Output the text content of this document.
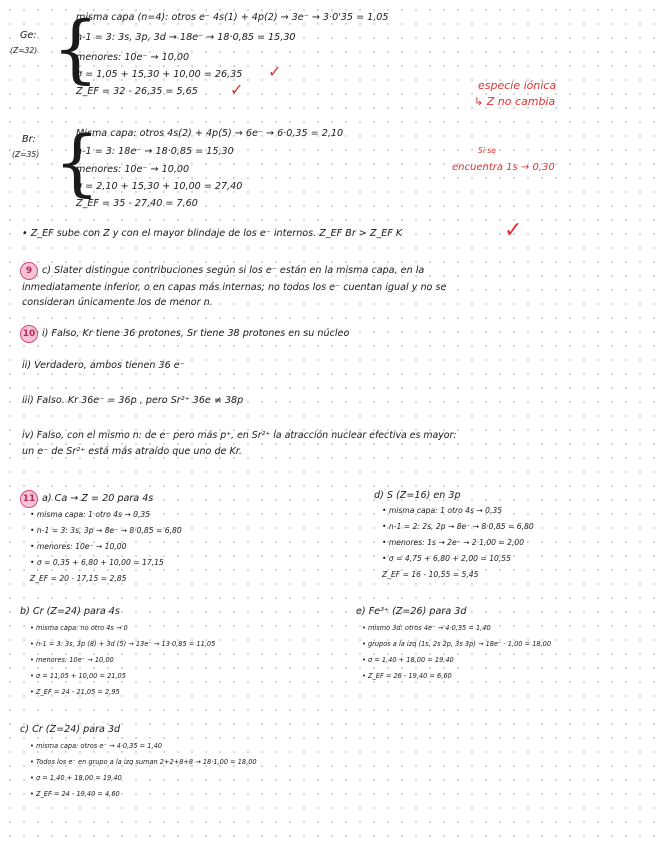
Ge:
(Z=32) {
misma capa (n=4): otros e⁻ 4s(1) + 4p(2) → 3e⁻ → 3·0'35 = 1,05
n-1 = 3: 3s, 3p, 3d → 18e⁻ → 18·0,85 = 15,30
menores: 10e⁻ → 10,00
σ = 1,05 + 15,30 + 10,00 = 26,35 ✓
Z_EF = 32 - 26,35 = 5,65 ✓	especie iónica
↳ Z no cambia
Br:
(Z=35) {
Misma capa: otros 4s(2) + 4p(5) → 6e⁻ → 6·0,35 = 2,10
n-1 = 3: 18e⁻ → 18·0,85 = 15,30
menores: 10e⁻ → 10,00
σ = 2,10 + 15,30 + 10,00 = 27,40
Z_EF = 35 - 27,40 = 7,60
Si se
encuentra 1s → 0,30
• Z_EF sube con Z y con el mayor blindaje de los e⁻ internos. Z_EF Br > Z_EF K	✓
9 c) Slater distingue contribuciones según si los e⁻ están en la misma capa, en la
inmediatamente inferior, o en capas más internas; no todos los e⁻ cuentan igual y no se
consideran únicamente los de menor n.
10 i) Falso, Kr tiene 36 protones, Sr tiene 38 protones en su núcleo
ii) Verdadero, ambos tienen 36 e⁻
iii) Falso. Kr 36e⁻ = 36p , pero Sr²⁺ 36e ≠ 38p
iv) Falso, con el mismo n: de e⁻ pero más p⁺, en Sr²⁺ la atracción nuclear efectiva es mayor:
un e⁻ de Sr²⁺ está más atraído que uno de Kr.
11 a) Ca → Z = 20 para 4s
• misma capa: 1 otro 4s → 0,35
• n-1 = 3: 3s, 3p → 8e⁻ → 8·0,85 = 6,80
• menores: 10e⁻ → 10,00
• σ = 0,35 + 6,80 + 10,00 = 17,15
Z_EF = 20 - 17,15 = 2,85
d) S (Z=16) en 3p
• misma capa: 1 otro 4s → 0,35
• n-1 = 2: 2s, 2p → 8e⁻ → 8·0,85 = 6,80
• menores: 1s → 2e⁻ → 2·1,00 = 2,00
• σ = 4,75 + 6,80 + 2,00 = 10,55
Z_EF = 16 - 10,55 = 5,45
b) Cr (Z=24) para 4s
• misma capa: no otro 4s → 0
• n-1 = 3: 3s, 3p (8) + 3d (5) → 13e⁻ → 13·0,85 = 11,05
• menores: 10e⁻ → 10,00
• σ = 11,05 + 10,00 = 21,05
• Z_EF = 24 - 21,05 = 2,95
e) Fe³⁺ (Z=26) para 3d
• mismo 3d: otros 4e⁻ → 4·0,35 = 1,40
• grupos a la izq (1s, 2s 2p, 3s 3p) → 18e⁻ · 1,00 = 18,00
• σ = 1,40 + 18,00 = 19,40
• Z_EF = 26 - 19,40 = 6,60
c) Cr (Z=24) para 3d
• misma capa: otros e⁻ → 4·0,35 = 1,40
• Todos los e⁻ en grupo a la izq suman 2+2+8+8 → 18·1,00 = 18,00
• σ = 1,40 + 18,00 = 19,40
• Z_EF = 24 - 19,40 = 4,60
